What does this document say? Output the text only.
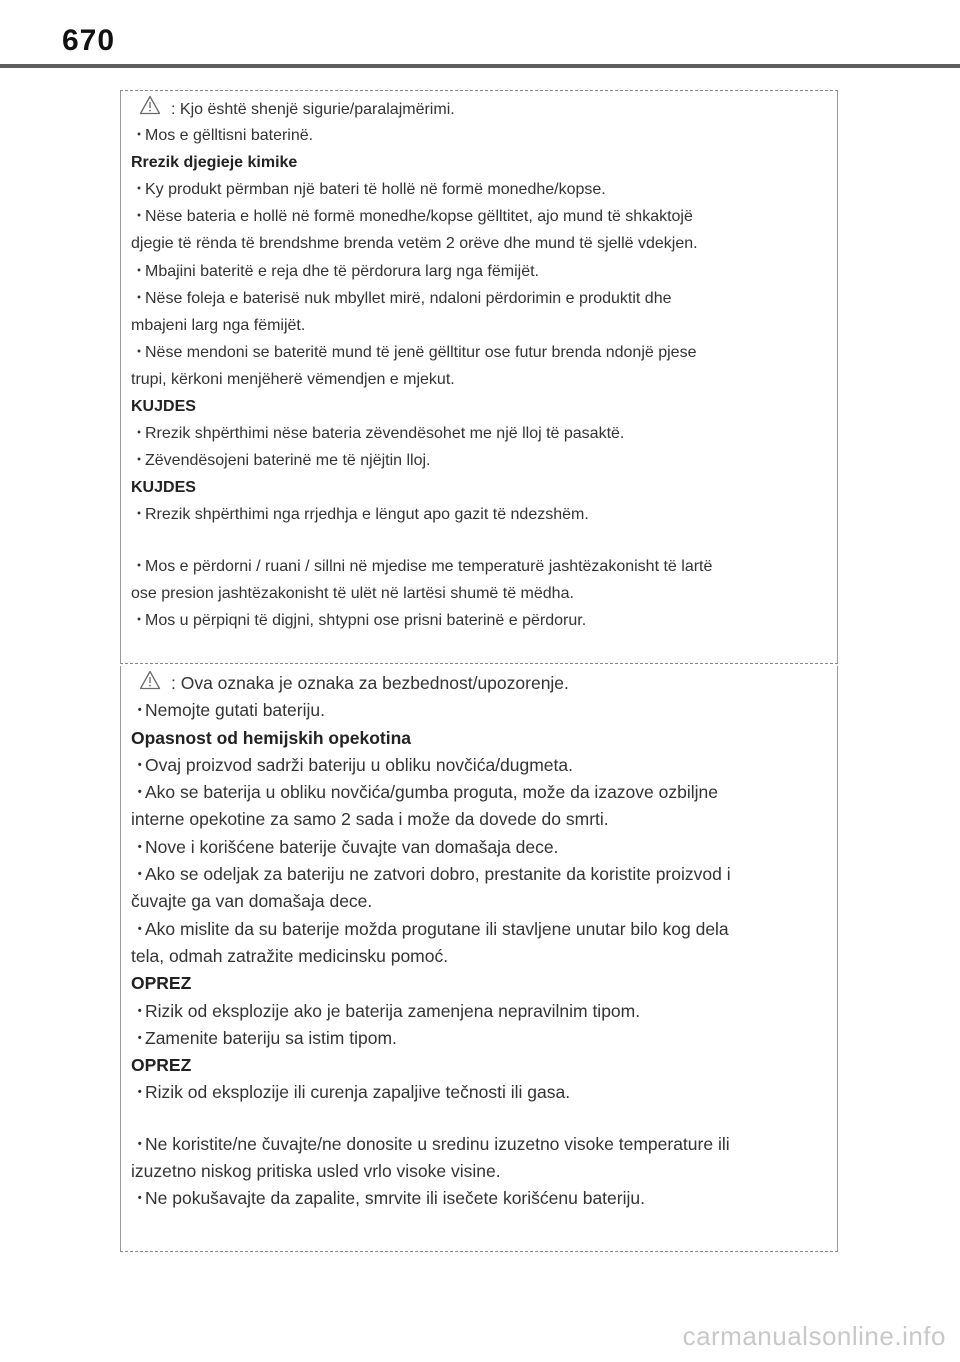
670
: Kjo është shenjë sigurie/paralajmërimi.
・Mos e gëlltisni baterinë.
Rrezik djegieje kimike
・Ky produkt përmban një bateri të hollë në formë monedhe/kopse.
・Nëse bateria e hollë në formë monedhe/kopse gëlltitet, ajo mund të shkaktojë
djegie të rënda të brendshme brenda vetëm 2 orëve dhe mund të sjellë vdekjen.
・Mbajini bateritë e reja dhe të përdorura larg nga fëmijët.
・Nëse foleja e baterisë nuk mbyllet mirë, ndaloni përdorimin e produktit dhe
mbajeni larg nga fëmijët.
・Nëse mendoni se bateritë mund të jenë gëlltitur ose futur brenda ndonjë pjese
trupi, kërkoni menjëherë vëmendjen e mjekut.
KUJDES
・Rrezik shpërthimi nëse bateria zëvendësohet me një lloj të pasaktë.
・Zëvendësojeni baterinë me të njëjtin lloj.
KUJDES
・Rrezik shpërthimi nga rrjedhja e lëngut apo gazit të ndezshëm.
・Mos e përdorni / ruani / sillni në mjedise me temperaturë jashtëzakonisht të lartë
ose presion jashtëzakonisht të ulët në lartësi shumë të mëdha.
・Mos u përpiqni të digjni, shtypni ose prisni baterinë e përdorur.
: Ova oznaka je oznaka za bezbednost/upozorenje.
・Nemojte gutati bateriju.
Opasnost od hemijskih opekotina
・Ovaj proizvod sadrži bateriju u obliku novčića/dugmeta.
・Ako se baterija u obliku novčića/gumba proguta, može da izazove ozbiljne
interne opekotine za samo 2 sada i može da dovede do smrti.
・Nove i korišćene baterije čuvajte van domašaja dece.
・Ako se odeljak za bateriju ne zatvori dobro, prestanite da koristite proizvod i
čuvajte ga van domašaja dece.
・Ako mislite da su baterije možda progutane ili stavljene unutar bilo kog dela
tela, odmah zatražite medicinsku pomoć.
OPREZ
・Rizik od eksplozije ako je baterija zamenjena nepravilnim tipom.
・Zamenite bateriju sa istim tipom.
OPREZ
・Rizik od eksplozije ili curenja zapaljive tečnosti ili gasa.
・Ne koristite/ne čuvajte/ne donosite u sredinu izuzetno visoke temperature ili
izuzetno niskog pritiska usled vrlo visoke visine.
・Ne pokušavajte da zapalite, smrvite ili isečete korišćenu bateriju.
carmanualsonline.info
